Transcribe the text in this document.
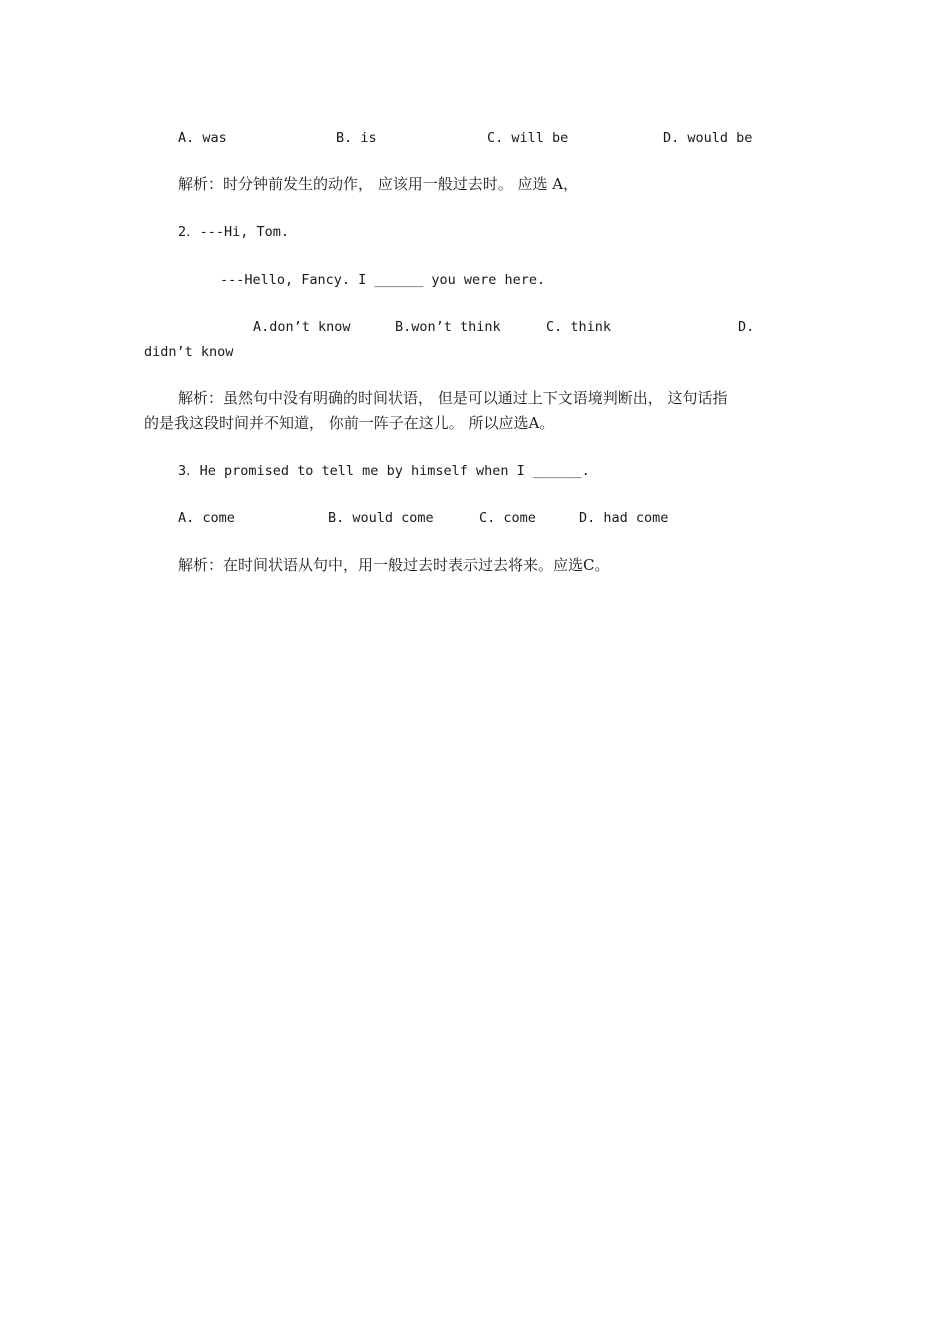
A. was	B. is	C. will be	D. would be
解析：时分钟前发生的动作， 应该用一般过去时。 应选 A，
2．---Hi, Tom.
---Hello, Fancy. I ______ you were here.
A.don’t know	B.won’t think	C. think	D.
didn’t know
解析：虽然句中没有明确的时间状语， 但是可以通过上下文语境判断出， 这句话指
的是我这段时间并不知道， 你前一阵子在这儿。 所以应选A。
3．He promised to tell me by himself when I ______.
A. come	B. would come	C. come	D. had come
解析：在时间状语从句中，用一般过去时表示过去将来。应选C。
